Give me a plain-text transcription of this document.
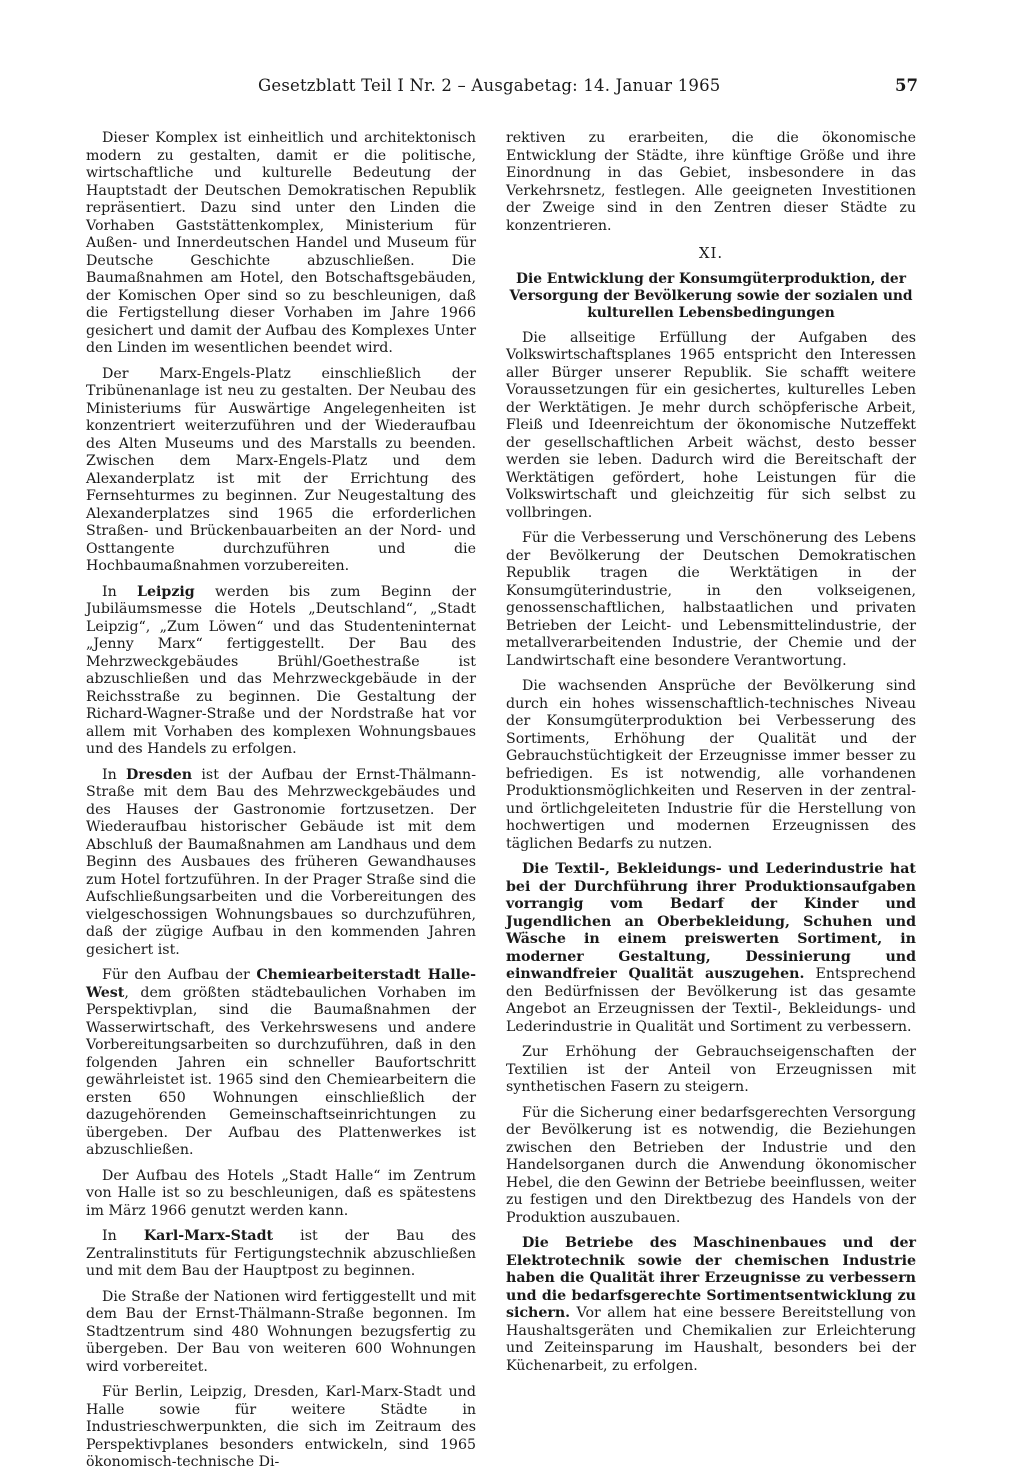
Gesetzblatt Teil I Nr. 2 – Ausgabetag: 14. Januar 1965	57

Dieser Komplex ist einheitlich und architektonisch modern zu gestalten, damit er die politische, wirtschaftliche und kulturelle Bedeutung der Hauptstadt der Deutschen Demokratischen Republik repräsentiert. Dazu sind unter den Linden die Vorhaben Gaststättenkomplex, Ministerium für Außen- und Innerdeutschen Handel und Museum für Deutsche Geschichte abzuschließen. Die Baumaßnahmen am Hotel, den Botschaftsgebäuden, der Komischen Oper sind so zu beschleunigen, daß die Fertigstellung dieser Vorhaben im Jahre 1966 gesichert und damit der Aufbau des Komplexes Unter den Linden im wesentlichen beendet wird.

Der Marx-Engels-Platz einschließlich der Tribünenanlage ist neu zu gestalten. Der Neubau des Ministeriums für Auswärtige Angelegenheiten ist konzentriert weiterzuführen und der Wiederaufbau des Alten Museums und des Marstalls zu beenden. Zwischen dem Marx-Engels-Platz und dem Alexanderplatz ist mit der Errichtung des Fernsehturmes zu beginnen. Zur Neugestaltung des Alexanderplatzes sind 1965 die erforderlichen Straßen- und Brückenbauarbeiten an der Nord- und Osttangente durchzuführen und die Hochbaumaßnahmen vorzubereiten.

In Leipzig werden bis zum Beginn der Jubiläumsmesse die Hotels „Deutschland“, „Stadt Leipzig“, „Zum Löwen“ und das Studenteninternat „Jenny Marx“ fertiggestellt. Der Bau des Mehrzweckgebäudes Brühl/Goethestraße ist abzuschließen und das Mehrzweckgebäude in der Reichsstraße zu beginnen. Die Gestaltung der Richard-Wagner-Straße und der Nordstraße hat vor allem mit Vorhaben des komplexen Wohnungsbaues und des Handels zu erfolgen.

In Dresden ist der Aufbau der Ernst-Thälmann-Straße mit dem Bau des Mehrzweckgebäudes und des Hauses der Gastronomie fortzusetzen. Der Wiederaufbau historischer Gebäude ist mit dem Abschluß der Baumaßnahmen am Landhaus und dem Beginn des Ausbaues des früheren Gewandhauses zum Hotel fortzuführen. In der Prager Straße sind die Aufschließungsarbeiten und die Vorbereitungen des vielgeschossigen Wohnungsbaues so durchzuführen, daß der zügige Aufbau in den kommenden Jahren gesichert ist.

Für den Aufbau der Chemiearbeiterstadt Halle-West, dem größten städtebaulichen Vorhaben im Perspektivplan, sind die Baumaßnahmen der Wasserwirtschaft, des Verkehrswesens und andere Vorbereitungsarbeiten so durchzuführen, daß in den folgenden Jahren ein schneller Baufortschritt gewährleistet ist. 1965 sind den Chemiearbeitern die ersten 650 Wohnungen einschließlich der dazugehörenden Gemeinschaftseinrichtungen zu übergeben. Der Aufbau des Plattenwerkes ist abzuschließen.

Der Aufbau des Hotels „Stadt Halle“ im Zentrum von Halle ist so zu beschleunigen, daß es spätestens im März 1966 genutzt werden kann.

In Karl-Marx-Stadt ist der Bau des Zentralinstituts für Fertigungstechnik abzuschließen und mit dem Bau der Hauptpost zu beginnen.

Die Straße der Nationen wird fertiggestellt und mit dem Bau der Ernst-Thälmann-Straße begonnen. Im Stadtzentrum sind 480 Wohnungen bezugsfertig zu übergeben. Der Bau von weiteren 600 Wohnungen wird vorbereitet.

Für Berlin, Leipzig, Dresden, Karl-Marx-Stadt und Halle sowie für weitere Städte in Industrieschwerpunkten, die sich im Zeitraum des Perspektivplanes besonders entwickeln, sind 1965 ökonomisch-technische Di-

rektiven zu erarbeiten, die die ökonomische Entwicklung der Städte, ihre künftige Größe und ihre Einordnung in das Gebiet, insbesondere in das Verkehrsnetz, festlegen. Alle geeigneten Investitionen der Zweige sind in den Zentren dieser Städte zu konzentrieren.

XI.
Die Entwicklung der Konsumgüterproduktion, der Versorgung der Bevölkerung sowie der sozialen und kulturellen Lebensbedingungen

Die allseitige Erfüllung der Aufgaben des Volkswirtschaftsplanes 1965 entspricht den Interessen aller Bürger unserer Republik. Sie schafft weitere Voraussetzungen für ein gesichertes, kulturelles Leben der Werktätigen. Je mehr durch schöpferische Arbeit, Fleiß und Ideenreichtum der ökonomische Nutzeffekt der gesellschaftlichen Arbeit wächst, desto besser werden sie leben. Dadurch wird die Bereitschaft der Werktätigen gefördert, hohe Leistungen für die Volkswirtschaft und gleichzeitig für sich selbst zu vollbringen.

Für die Verbesserung und Verschönerung des Lebens der Bevölkerung der Deutschen Demokratischen Republik tragen die Werktätigen in der Konsumgüterindustrie, in den volkseigenen, genossenschaftlichen, halbstaatlichen und privaten Betrieben der Leicht- und Lebensmittelindustrie, der metallverarbeitenden Industrie, der Chemie und der Landwirtschaft eine besondere Verantwortung.

Die wachsenden Ansprüche der Bevölkerung sind durch ein hohes wissenschaftlich-technisches Niveau der Konsumgüterproduktion bei Verbesserung des Sortiments, Erhöhung der Qualität und der Gebrauchstüchtigkeit der Erzeugnisse immer besser zu befriedigen. Es ist notwendig, alle vorhandenen Produktionsmöglichkeiten und Reserven in der zentral- und örtlichgeleiteten Industrie für die Herstellung von hochwertigen und modernen Erzeugnissen des täglichen Bedarfs zu nutzen.

Die Textil-, Bekleidungs- und Lederindustrie hat bei der Durchführung ihrer Produktionsaufgaben vorrangig vom Bedarf der Kinder und Jugendlichen an Oberbekleidung, Schuhen und Wäsche in einem preiswerten Sortiment, in moderner Gestaltung, Dessinierung und einwandfreier Qualität auszugehen. Entsprechend den Bedürfnissen der Bevölkerung ist das gesamte Angebot an Erzeugnissen der Textil-, Bekleidungs- und Lederindustrie in Qualität und Sortiment zu verbessern.

Zur Erhöhung der Gebrauchseigenschaften der Textilien ist der Anteil von Erzeugnissen mit synthetischen Fasern zu steigern.

Für die Sicherung einer bedarfsgerechten Versorgung der Bevölkerung ist es notwendig, die Beziehungen zwischen den Betrieben der Industrie und den Handelsorganen durch die Anwendung ökonomischer Hebel, die den Gewinn der Betriebe beeinflussen, weiter zu festigen und den Direktbezug des Handels von der Produktion auszubauen.

Die Betriebe des Maschinenbaues und der Elektrotechnik sowie der chemischen Industrie haben die Qualität ihrer Erzeugnisse zu verbessern und die bedarfsgerechte Sortimentsentwicklung zu sichern. Vor allem hat eine bessere Bereitstellung von Haushaltsgeräten und Chemikalien zur Erleichterung und Zeiteinsparung im Haushalt, besonders bei der Küchenarbeit, zu erfolgen.
